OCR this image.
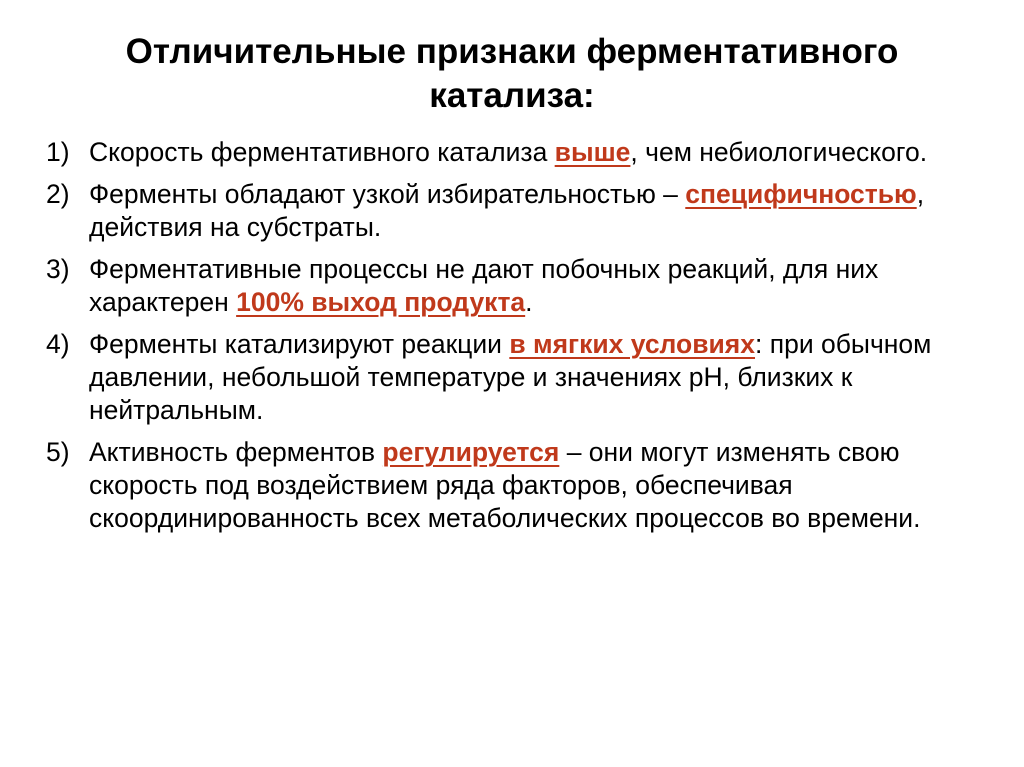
Отличительные признаки ферментативного катализа:
1) Скорость ферментативного катализа выше, чем небиологического.
2) Ферменты обладают узкой избирательностью – специфичностью, действия на субстраты.
3) Ферментативные процессы не дают побочных реакций, для них характерен 100% выход продукта.
4) Ферменты катализируют реакции в мягких условиях: при обычном давлении, небольшой температуре и значениях pH, близких к нейтральным.
5) Активность ферментов регулируется – они могут изменять свою скорость под воздействием ряда факторов, обеспечивая скоординированность всех метаболических процессов во времени.
